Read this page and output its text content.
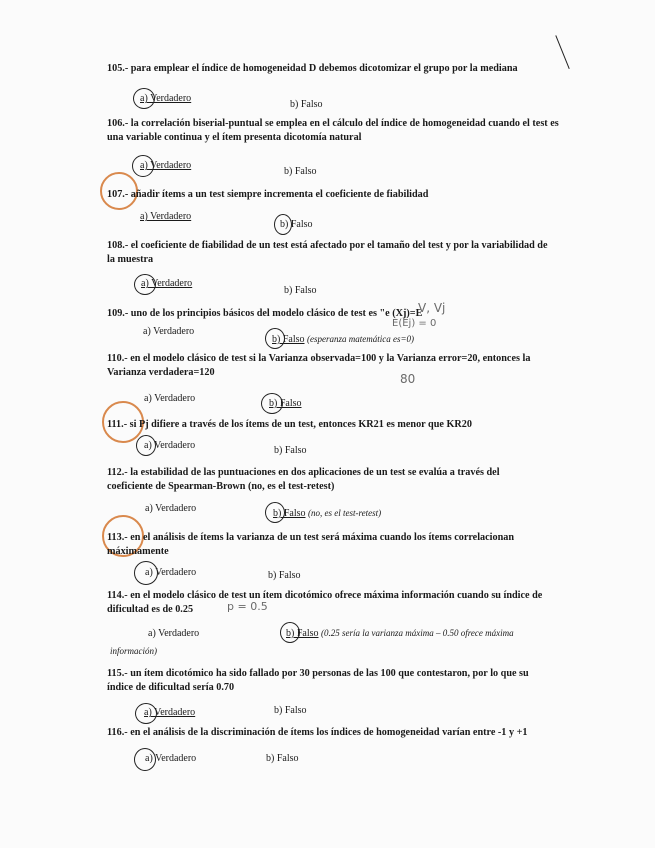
105.- para emplear el índice de homogeneidad D debemos dicotomizar el grupo por la mediana
a) Verdadero
b) Falso
106.- la correlación biserial-puntual se emplea en el cálculo del índice de homogeneidad cuando el test es una variable continua y el ítem presenta dicotomía natural
a) Verdadero
b) Falso
107.- añadir ítems a un test siempre incrementa el coeficiente de fiabilidad
a) Verdadero
b) Falso
108.- el coeficiente de fiabilidad de un test está afectado por el tamaño del test y por la variabilidad de la muestra
a) Verdadero
b) Falso
109.- uno de los principios básicos del modelo clásico de test es "e (Xj)=E
V, Vj
E(Ej) = 0
a) Verdadero
b) Falso (esperanza matemática es=0)
110.- en el modelo clásico de test si la Varianza observada=100 y la Varianza error=20, entonces la Varianza verdadera=120	80
a) Verdadero	b) Falso
111.- si Pj difiere a través de los ítems de un test, entonces KR21 es menor que KR20
a) Verdadero	b) Falso
112.- la estabilidad de las puntuaciones en dos aplicaciones de un test se evalúa a través del coeficiente de Spearman-Brown (no, es el test-retest)
a) Verdadero	b) Falso (no, es el test-retest)
113.- en el análisis de ítems la varianza de un test será máxima cuando los ítems correlacionan máximamente
a) Verdadero	b) Falso
114.- en el modelo clásico de test un ítem dicotómico ofrece máxima información cuando su índice de dificultad es de 0.25	p = 0.5
a) Verdadero	b) Falso (0.25 sería la varianza máxima – 0.50 ofrece máxima
información)
115.- un ítem dicotómico ha sido fallado por 30 personas de las 100 que contestaron, por lo que su índice de dificultad sería 0.70
a) Verdadero	b) Falso
116.- en el análisis de la discriminación de ítems los índices de homogeneidad varían entre -1 y +1
a) Verdadero	b) Falso
